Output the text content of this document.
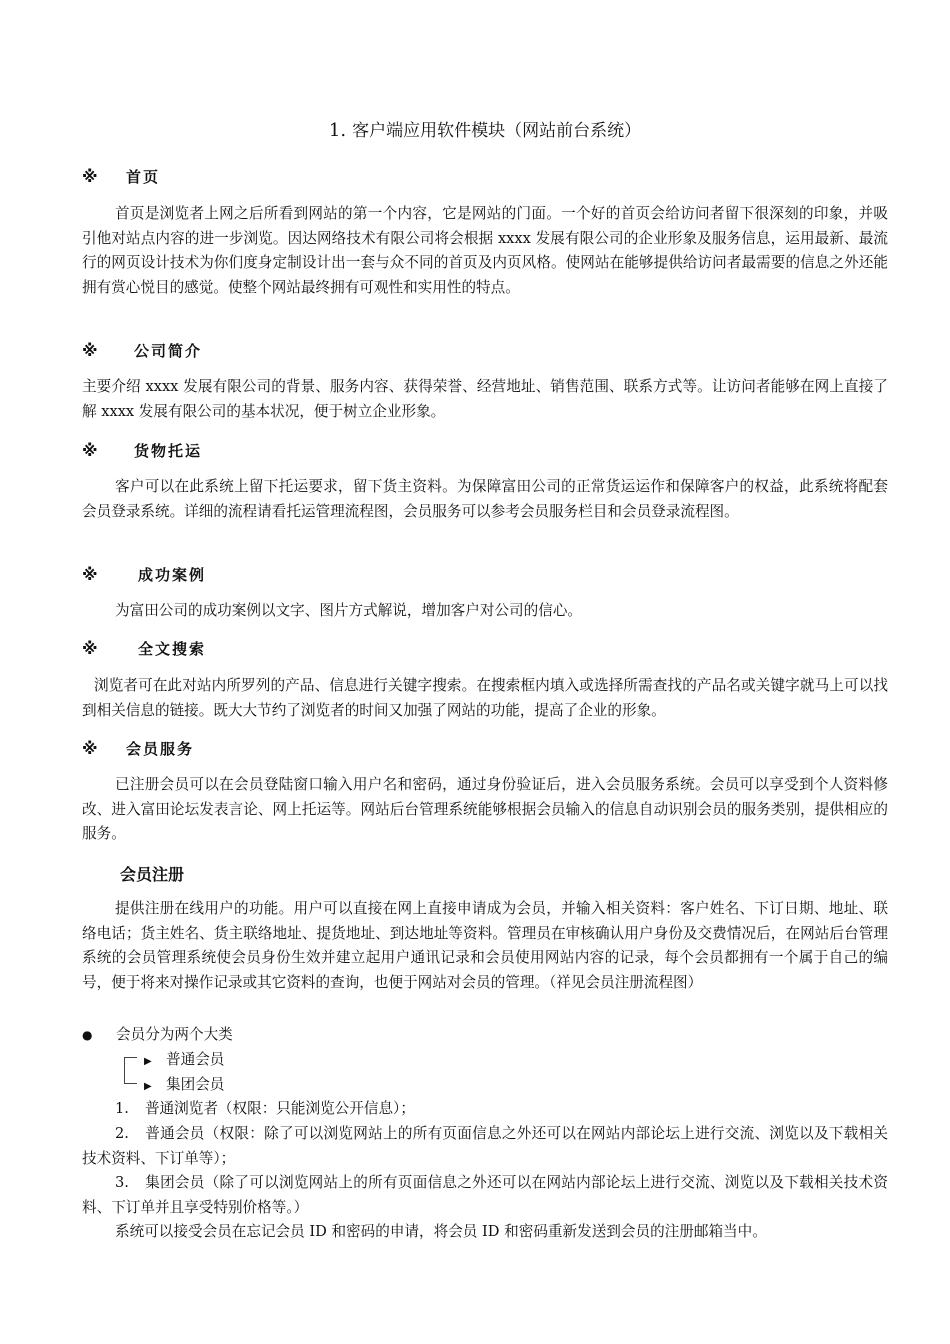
1. 客户端应用软件模块（网站前台系统）
※ 首页
首页是浏览者上网之后所看到网站的第一个内容，它是网站的门面。一个好的首页会给访问者留下很深刻的印象，并吸引他对站点内容的进一步浏览。因达网络技术有限公司将会根据 xxxx 发展有限公司的企业形象及服务信息，运用最新、最流行的网页设计技术为你们度身定制设计出一套与众不同的首页及内页风格。使网站在能够提供给访问者最需要的信息之外还能拥有赏心悦目的感觉。使整个网站最终拥有可观性和实用性的特点。
※ 公司简介
主要介绍 xxxx 发展有限公司的背景、服务内容、获得荣誉、经营地址、销售范围、联系方式等。让访问者能够在网上直接了解 xxxx 发展有限公司的基本状况，便于树立企业形象。
※ 货物托运
客户可以在此系统上留下托运要求，留下货主资料。为保障富田公司的正常货运运作和保障客户的权益，此系统将配套会员登录系统。详细的流程请看托运管理流程图，会员服务可以参考会员服务栏目和会员登录流程图。
※	成功案例
为富田公司的成功案例以文字、图片方式解说，增加客户对公司的信心。
※	全文搜索
浏览者可在此对站内所罗列的产品、信息进行关键字搜索。在搜索框内填入或选择所需查找的产品名或关键字就马上可以找到相关信息的链接。既大大节约了浏览者的时间又加强了网站的功能，提高了企业的形象。
※ 会员服务
已注册会员可以在会员登陆窗口输入用户名和密码，通过身份验证后，进入会员服务系统。会员可以享受到个人资料修改、进入富田论坛发表言论、网上托运等。网站后台管理系统能够根据会员输入的信息自动识别会员的服务类别，提供相应的服务。
会员注册
提供注册在线用户的功能。用户可以直接在网上直接申请成为会员，并输入相关资料：客户姓名、下订日期、地址、联络电话；货主姓名、货主联络地址、提货地址、到达地址等资料。管理员在审核确认用户身份及交费情况后，在网站后台管理系统的会员管理系统使会员身份生效并建立起用户通讯记录和会员使用网站内容的记录，每个会员都拥有一个属于自己的编号，便于将来对操作记录或其它资料的查询，也便于网站对会员的管理。（祥见会员注册流程图）
● 会员分为两个大类
▶ 普通会员
▶ 集团会员
1. 普通浏览者（权限：只能浏览公开信息）；
2. 普通会员（权限：除了可以浏览网站上的所有页面信息之外还可以在网站内部论坛上进行交流、浏览以及下载相关技术资料、下订单等）；
3. 集团会员（除了可以浏览网站上的所有页面信息之外还可以在网站内部论坛上进行交流、浏览以及下载相关技术资料、下订单并且享受特别价格等。）
系统可以接受会员在忘记会员 ID 和密码的申请，将会员 ID 和密码重新发送到会员的注册邮箱当中。
